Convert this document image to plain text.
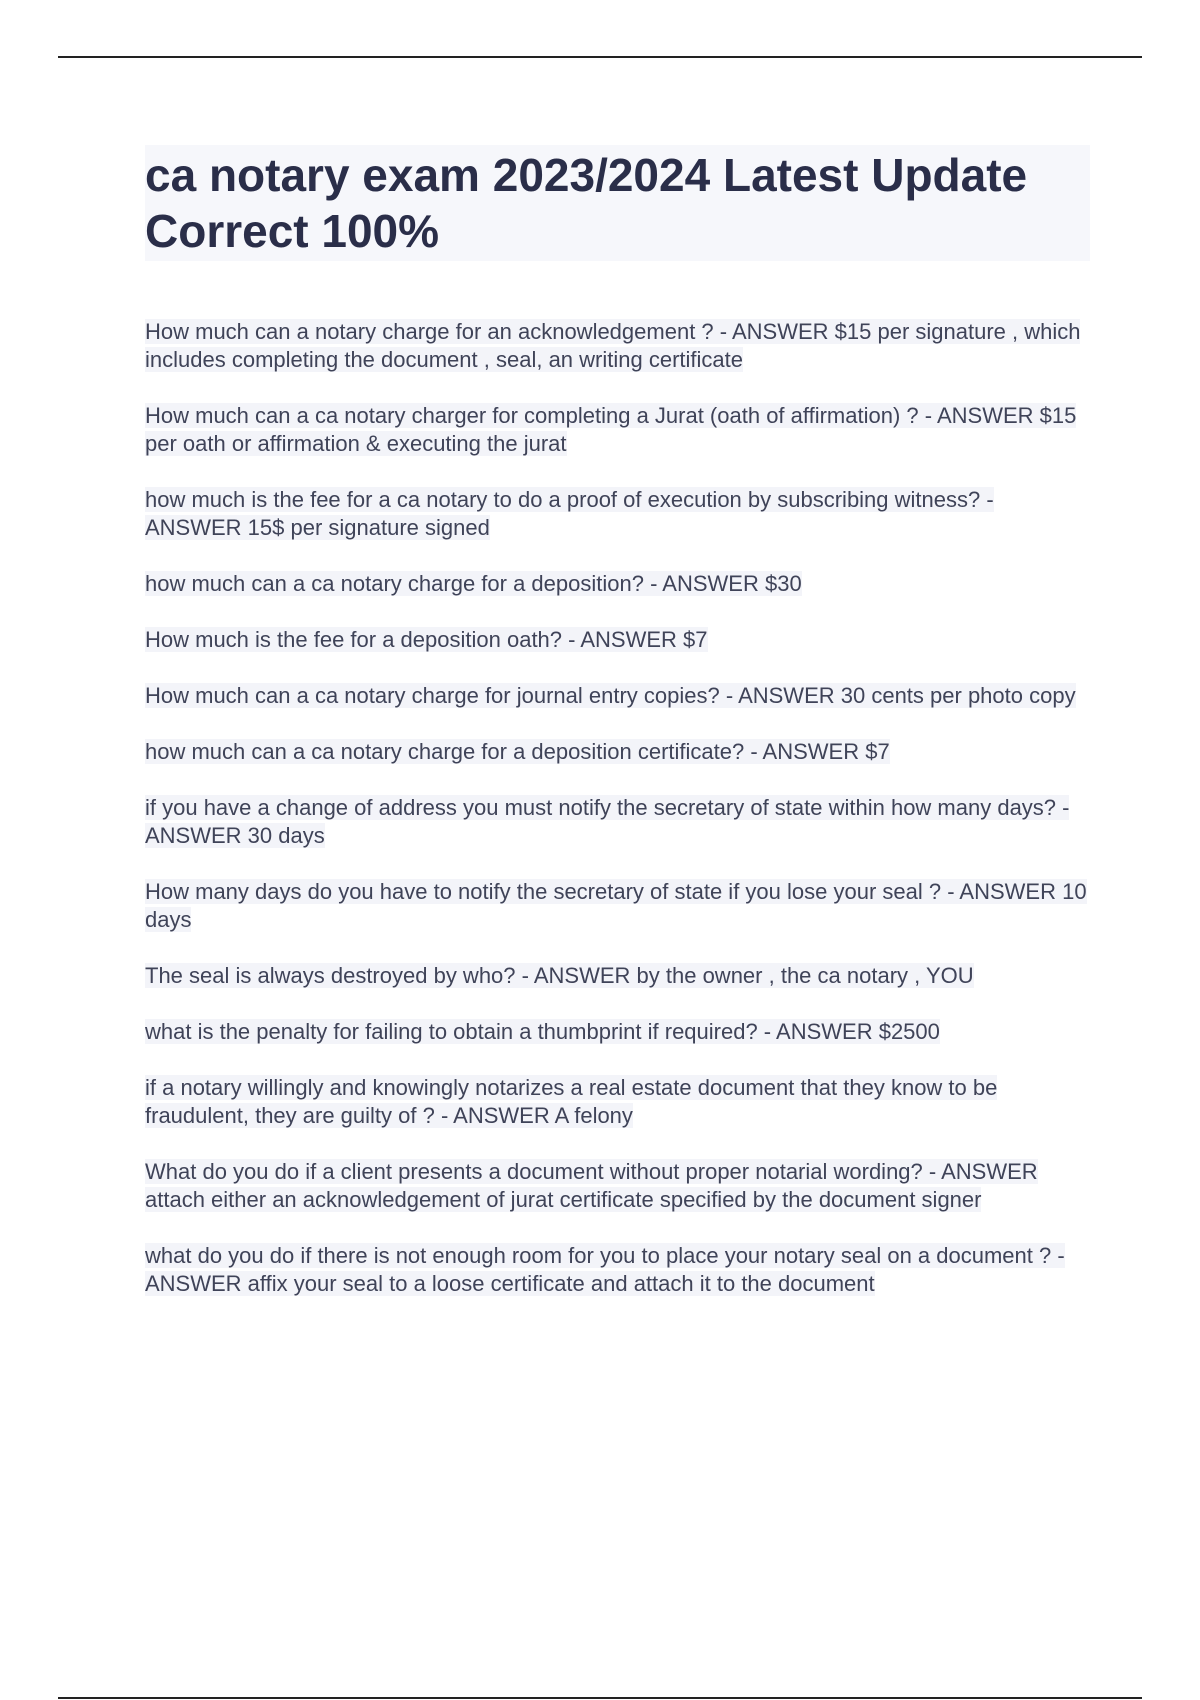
ca notary exam 2023/2024 Latest Update Correct 100%

How much can a notary charge for an acknowledgement ? - ANSWER $15 per signature , which includes completing the document , seal, an writing certificate

How much can a ca notary charger for completing a Jurat (oath of affirmation) ? - ANSWER $15 per oath or affirmation & executing the jurat

how much is the fee for a ca notary to do a proof of execution by subscribing witness? - ANSWER 15$ per signature signed

how much can a ca notary charge for a deposition? - ANSWER $30

How much is the fee for a deposition oath? - ANSWER $7

How much can a ca notary charge for journal entry copies? - ANSWER 30 cents per photo copy

how much can a ca notary charge for a deposition certificate? - ANSWER $7

if you have a change of address you must notify the secretary of state within how many days? - ANSWER 30 days

How many days do you have to notify the secretary of state if you lose your seal ? - ANSWER 10 days

The seal is always destroyed by who? - ANSWER by the owner , the ca notary , YOU

what is the penalty for failing to obtain a thumbprint if required? - ANSWER $2500

if a notary willingly and knowingly notarizes a real estate document that they know to be fraudulent, they are guilty of ? - ANSWER A felony

What do you do if a client presents a document without proper notarial wording? - ANSWER attach either an acknowledgement of jurat certificate specified by the document signer

what do you do if there is not enough room for you to place your notary seal on a document ? - ANSWER affix your seal to a loose certificate and attach it to the document
